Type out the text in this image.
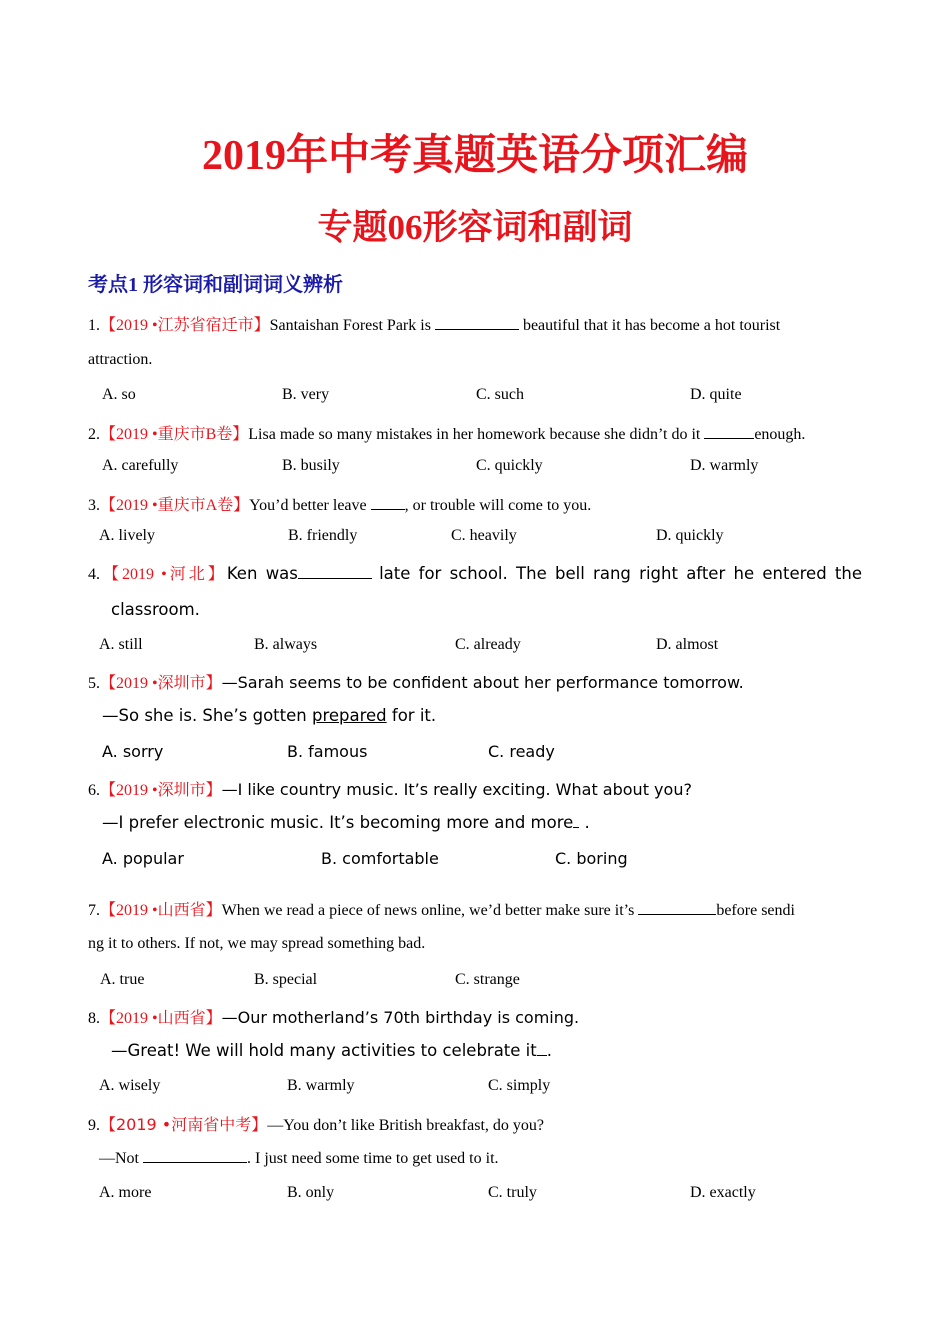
2019年中考真题英语分项汇编
专题06形容词和副词
考点1 形容词和副词词义辨析
1.【2019 •江苏省宿迁市】Santaishan Forest Park is	beautiful that it has become a hot tourist
attraction.
A. so	B. very	C. such	D. quite
2.【2019 •重庆市B卷】Lisa made so many mistakes in her homework because she didn’t do it	enough.
A. carefully	B. busily	C. quickly	D. warmly
3.【2019 •重庆市A卷】You’d better leave , or trouble will come to you.
A. lively	B. friendly	C. heavily	D. quickly
4.【2019 •河北】Ken was	late for school. The bell rang right after he entered the
classroom.
A. still	B. always	C. already	D. almost
5.【2019 •深圳市】—Sarah seems to be confident about her performance tomorrow.
—So she is. She’s gotten prepared for it.
A. sorry	B. famous	C. ready
6.【2019 •深圳市】—I like country music. It’s really exciting. What about you?
—I prefer electronic music. It’s becoming more and more .
A. popular	B. comfortable	C. boring
7.【2019 •山西省】When we read a piece of news online, we’d better make sure it’s	before sendi
ng it to others. If not, we may spread something bad.
A. true	B. special	C. strange
8.【2019 •山西省】—Our motherland’s 70th birthday is coming.
—Great! We will hold many activities to celebrate it .
A. wisely	B. warmly	C. simply
9.【2019 •河南省中考】—You don’t like British breakfast, do you?
—Not	. I just need some time to get used to it.
A. more	B. only	C. truly	D. exactly
